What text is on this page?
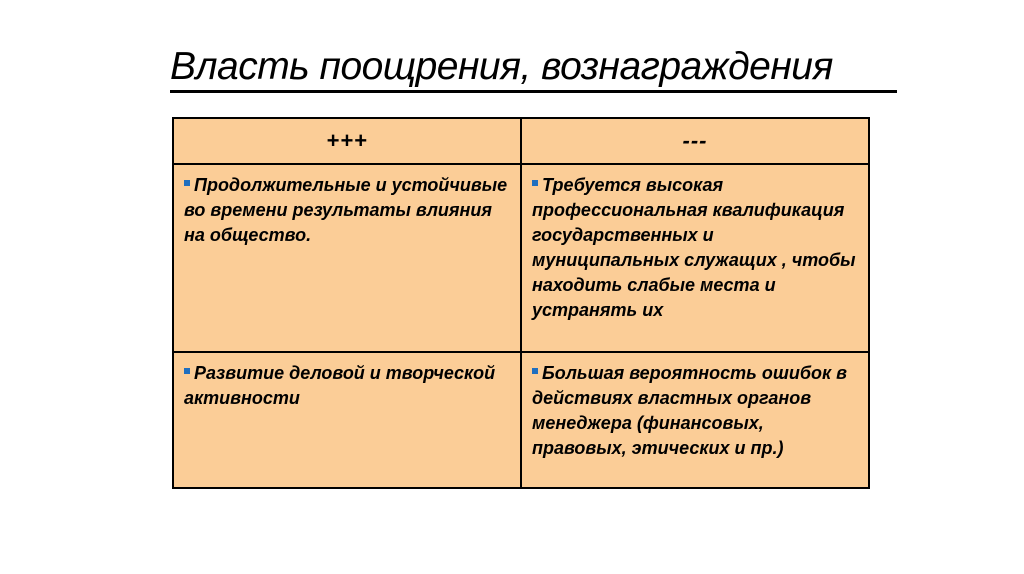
Власть поощрения, вознаграждения
+++	---
Продолжительные и устойчивые во времени результаты влияния на общество.	Требуется высокая профессиональная квалификация государственных и муниципальных служащих , чтобы находить слабые места и устранять их
Развитие деловой и творческой активности	Большая вероятность ошибок в действиях властных органов менеджера (финансовых, правовых, этических и пр.)
